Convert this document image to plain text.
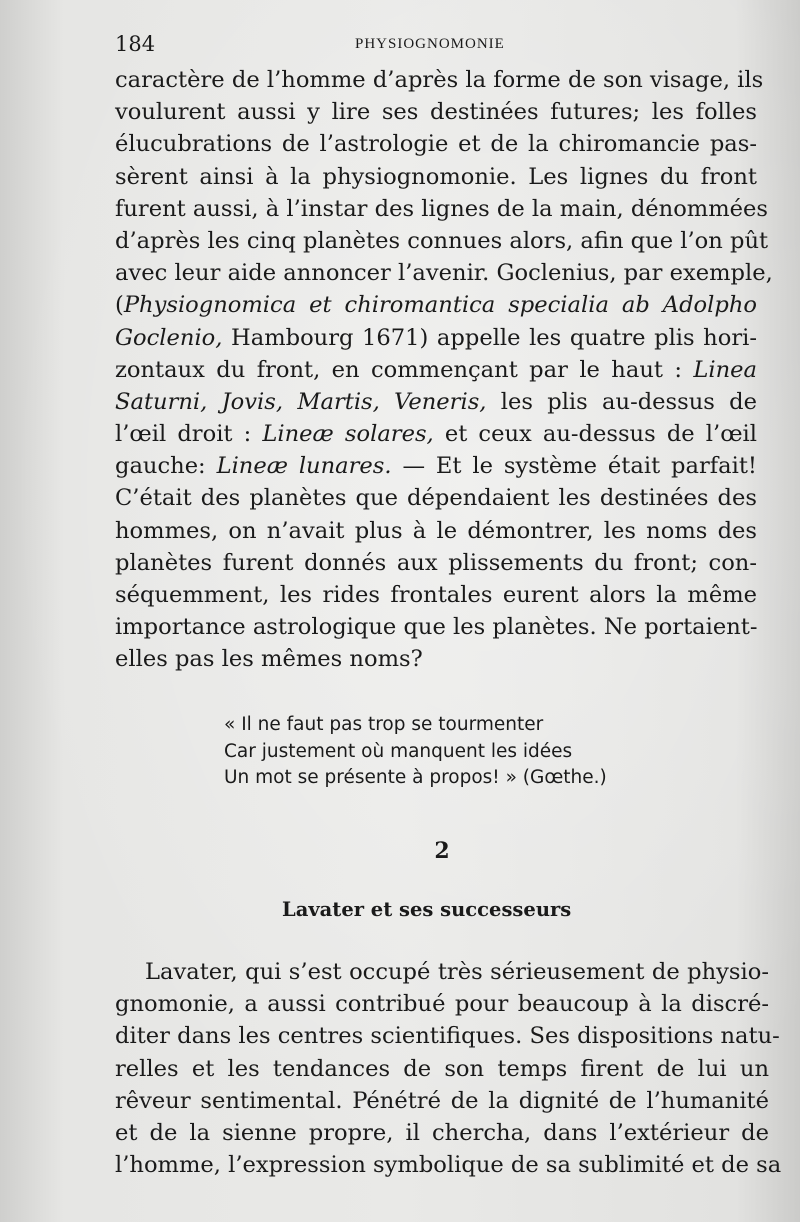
184	PHYSIOGNOMONIE
caractère de l’homme d’après la forme de son visage, ils
voulurent aussi y lire ses destinées futures; les folles
élucubrations de l’astrologie et de la chiromancie pas-
sèrent ainsi à la physiognomonie. Les lignes du front
furent aussi, à l’instar des lignes de la main, dénommées
d’après les cinq planètes connues alors, afin que l’on pût
avec leur aide annoncer l’avenir. Goclenius, par exemple,
(Physiognomica et chiromantica specialia ab Adolpho
Goclenio, Hambourg 1671) appelle les quatre plis hori-
zontaux du front, en commençant par le haut : Linea
Saturni, Jovis, Martis, Veneris, les plis au-dessus de
l’œil droit : Lineæ solares, et ceux au-dessus de l’œil
gauche: Lineæ lunares. — Et le système était parfait!
C’était des planètes que dépendaient les destinées des
hommes, on n’avait plus à le démontrer, les noms des
planètes furent donnés aux plissements du front; con-
séquemment, les rides frontales eurent alors la même
importance astrologique que les planètes. Ne portaient-
elles pas les mêmes noms?
« Il ne faut pas trop se tourmenter
Car justement où manquent les idées
Un mot se présente à propos! » (Gœthe.)
2
Lavater et ses successeurs
Lavater, qui s’est occupé très sérieusement de physio-
gnomonie, a aussi contribué pour beaucoup à la discré-
diter dans les centres scientifiques. Ses dispositions natu-
relles et les tendances de son temps firent de lui un
rêveur sentimental. Pénétré de la dignité de l’humanité
et de la sienne propre, il chercha, dans l’extérieur de
l’homme, l’expression symbolique de sa sublimité et de sa
